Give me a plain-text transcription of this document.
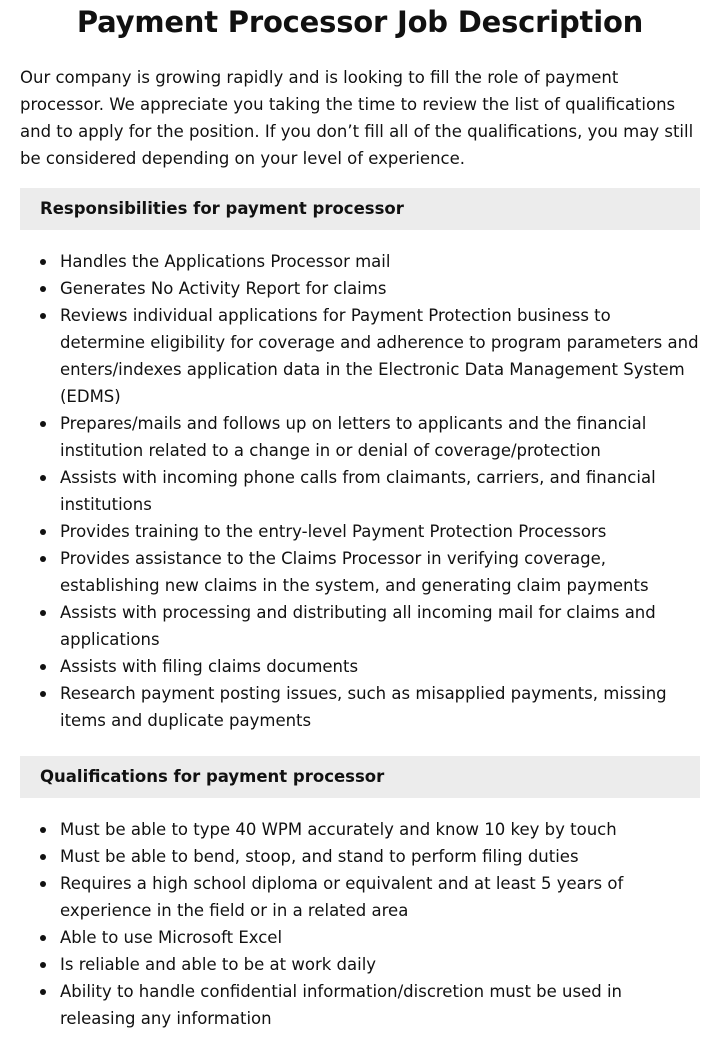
Payment Processor Job Description

Our company is growing rapidly and is looking to fill the role of payment processor. We appreciate you taking the time to review the list of qualifications and to apply for the position. If you don’t fill all of the qualifications, you may still be considered depending on your level of experience.

Responsibilities for payment processor
Handles the Applications Processor mail
Generates No Activity Report for claims
Reviews individual applications for Payment Protection business to determine eligibility for coverage and adherence to program parameters and enters/indexes application data in the Electronic Data Management System (EDMS)
Prepares/mails and follows up on letters to applicants and the financial institution related to a change in or denial of coverage/protection
Assists with incoming phone calls from claimants, carriers, and financial institutions
Provides training to the entry-level Payment Protection Processors
Provides assistance to the Claims Processor in verifying coverage, establishing new claims in the system, and generating claim payments
Assists with processing and distributing all incoming mail for claims and applications
Assists with filing claims documents
Research payment posting issues, such as misapplied payments, missing items and duplicate payments
Qualifications for payment processor
Must be able to type 40 WPM accurately and know 10 key by touch
Must be able to bend, stoop, and stand to perform filing duties
Requires a high school diploma or equivalent and at least 5 years of experience in the field or in a related area
Able to use Microsoft Excel
Is reliable and able to be at work daily
Ability to handle confidential information/discretion must be used in releasing any information
